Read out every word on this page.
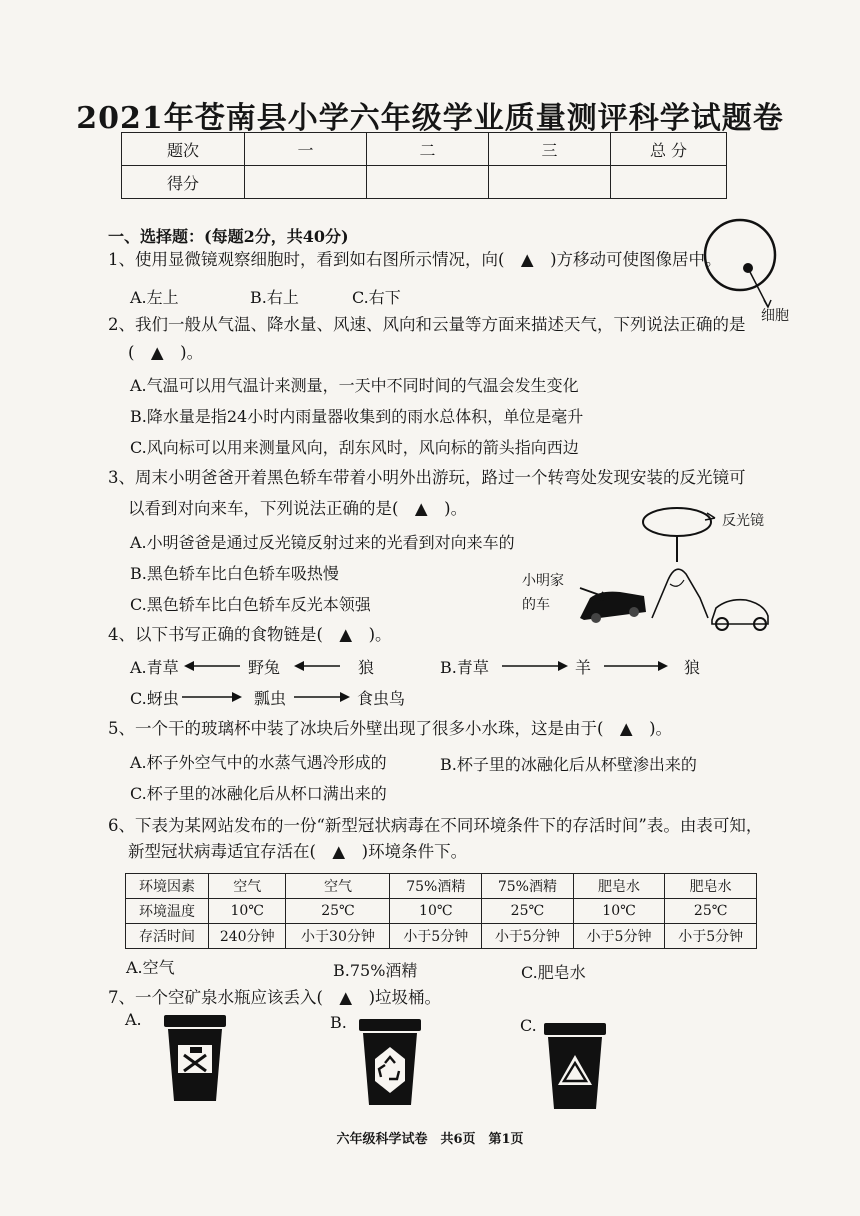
2021年苍南县小学六年级学业质量测评科学试题卷
题次	一	二	三	总 分
得分				
一、选择题：(每题2分，共40分)
1、使用显微镜观察细胞时，看到如右图所示情况，向(　▲　)方移动可使图像居中。
A.左上	B.右上	C.右下
细胞
2、我们一般从气温、降水量、风速、风向和云量等方面来描述天气，下列说法正确的是
(　▲　)。
A.气温可以用气温计来测量，一天中不同时间的气温会发生变化
B.降水量是指24小时内雨量器收集到的雨水总体积，单位是毫升
C.风向标可以用来测量风向，刮东风时，风向标的箭头指向西边
3、周末小明爸爸开着黑色轿车带着小明外出游玩，路过一个转弯处发现安装的反光镜可
以看到对向来车，下列说法正确的是(　▲　)。
A.小明爸爸是通过反光镜反射过来的光看到对向来车的
B.黑色轿车比白色轿车吸热慢
C.黑色轿车比白色轿车反光本领强
反光镜
小明家
的车
4、以下书写正确的食物链是(　▲　)。
A.青草	野兔	狼	B.青草	羊	狼
C.蚜虫	瓢虫	食虫鸟
5、一个干的玻璃杯中装了冰块后外壁出现了很多小水珠，这是由于(　▲　)。
A.杯子外空气中的水蒸气遇冷形成的	B.杯子里的冰融化后从杯壁渗出来的
C.杯子里的冰融化后从杯口满出来的
6、下表为某网站发布的一份“新型冠状病毒在不同环境条件下的存活时间”表。由表可知，
新型冠状病毒适宜存活在(　▲　)环境条件下。
环境因素	空气	空气	75%酒精	75%酒精	肥皂水	肥皂水
环境温度	10℃	25℃	10℃	25℃	10℃	25℃
存活时间	240分钟	小于30分钟	小于5分钟	小于5分钟	小于5分钟	小于5分钟
A.空气	B.75%酒精	C.肥皂水
7、一个空矿泉水瓶应该丢入(　▲　)垃圾桶。
A.	B.	C.
六年级科学试卷　共6页　第1页
